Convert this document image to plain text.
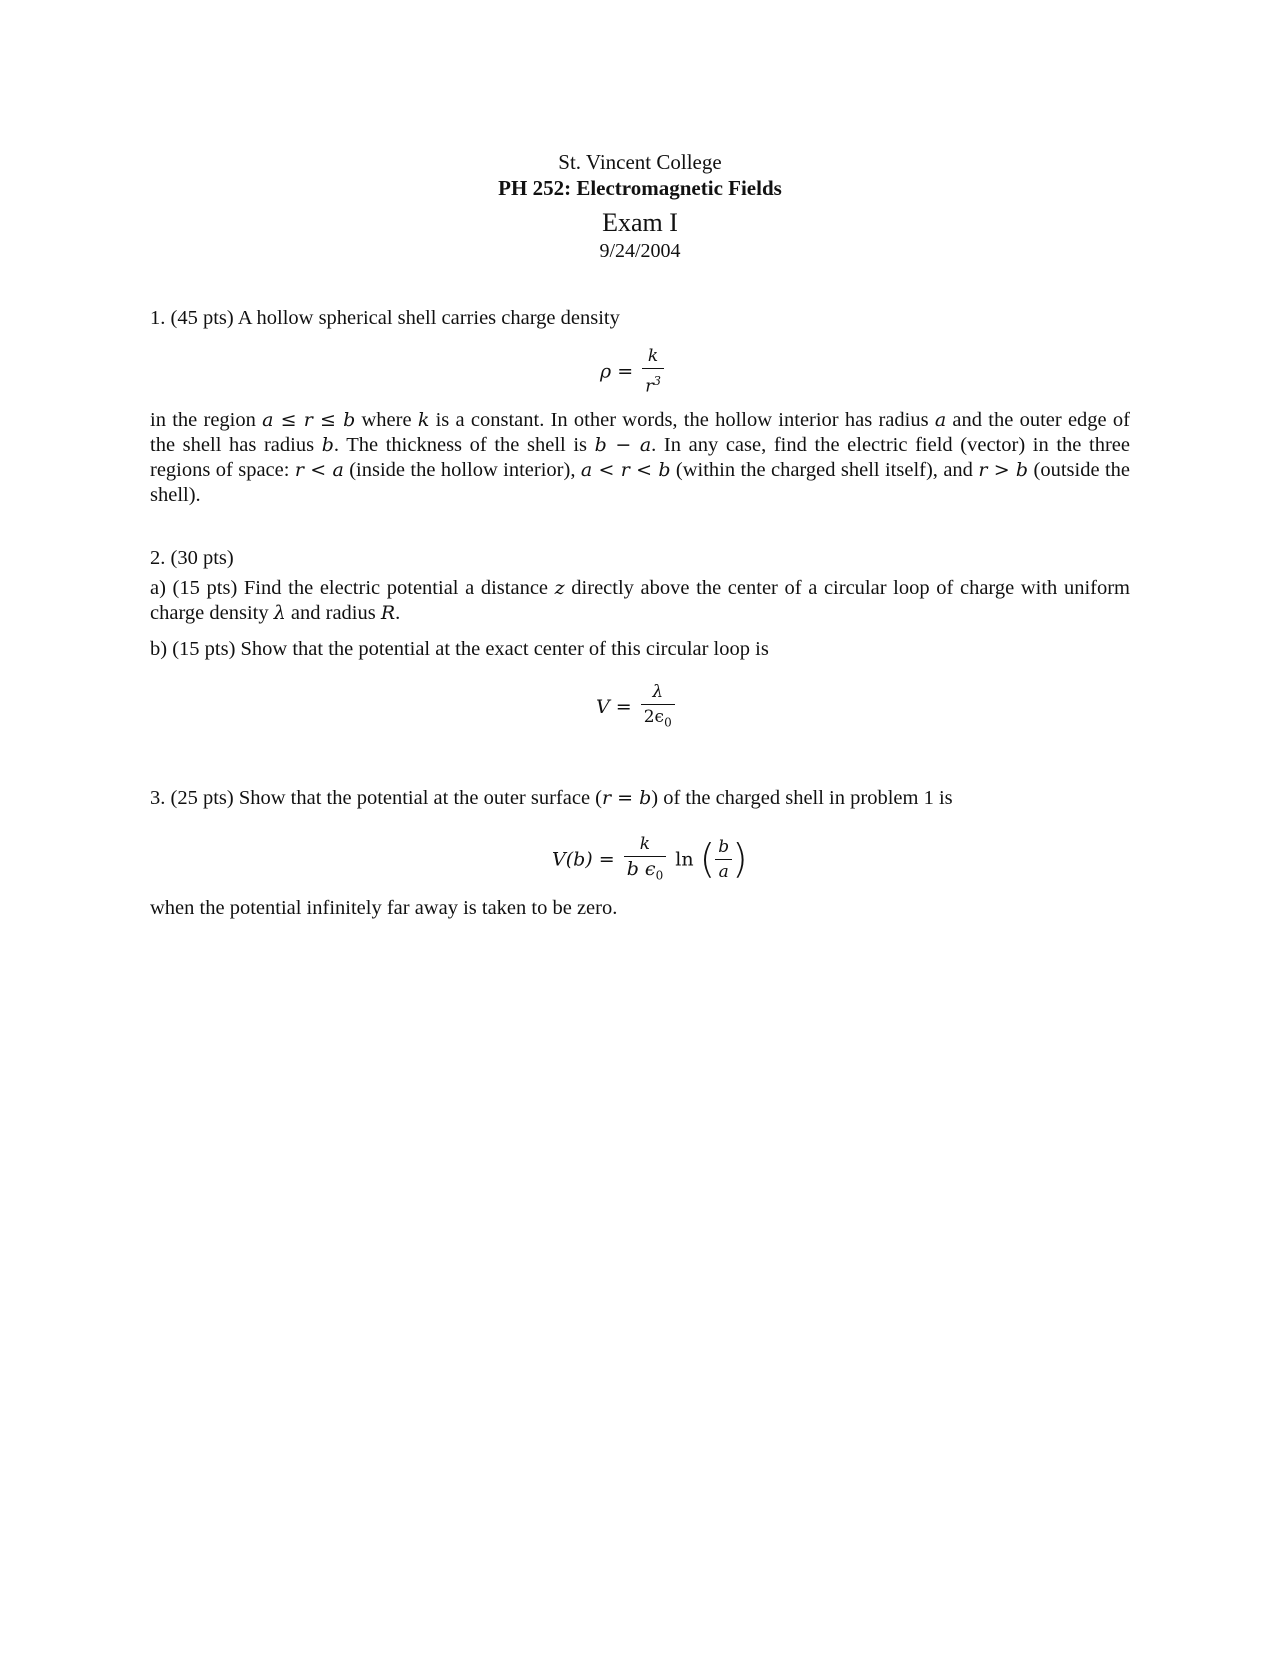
St. Vincent College
PH 252: Electromagnetic Fields
Exam I
9/24/2004
1. (45 pts) A hollow spherical shell carries charge density
$\rho = \frac{k}{r^3}$
in the region a ≤ r ≤ b where k is a constant. In other words, the hollow interior has radius a and the outer edge of the shell has radius b. The thickness of the shell is b − a. In any case, find the electric field (vector) in the three regions of space: r < a (inside the hollow interior), a < r < b (within the charged shell itself), and r > b (outside the shell).
2. (30 pts)
a) (15 pts) Find the electric potential a distance z directly above the center of a circular loop of charge with uniform charge density λ and radius R.
b) (15 pts) Show that the potential at the exact center of this circular loop is
$V = \frac{\lambda}{2\epsilon_0}$
3. (25 pts) Show that the potential at the outer surface (r = b) of the charged shell in problem 1 is
$V(b) = \frac{k}{b \epsilon_0}$ ln ( $\frac{b}{a}$ )
when the potential infinitely far away is taken to be zero.
